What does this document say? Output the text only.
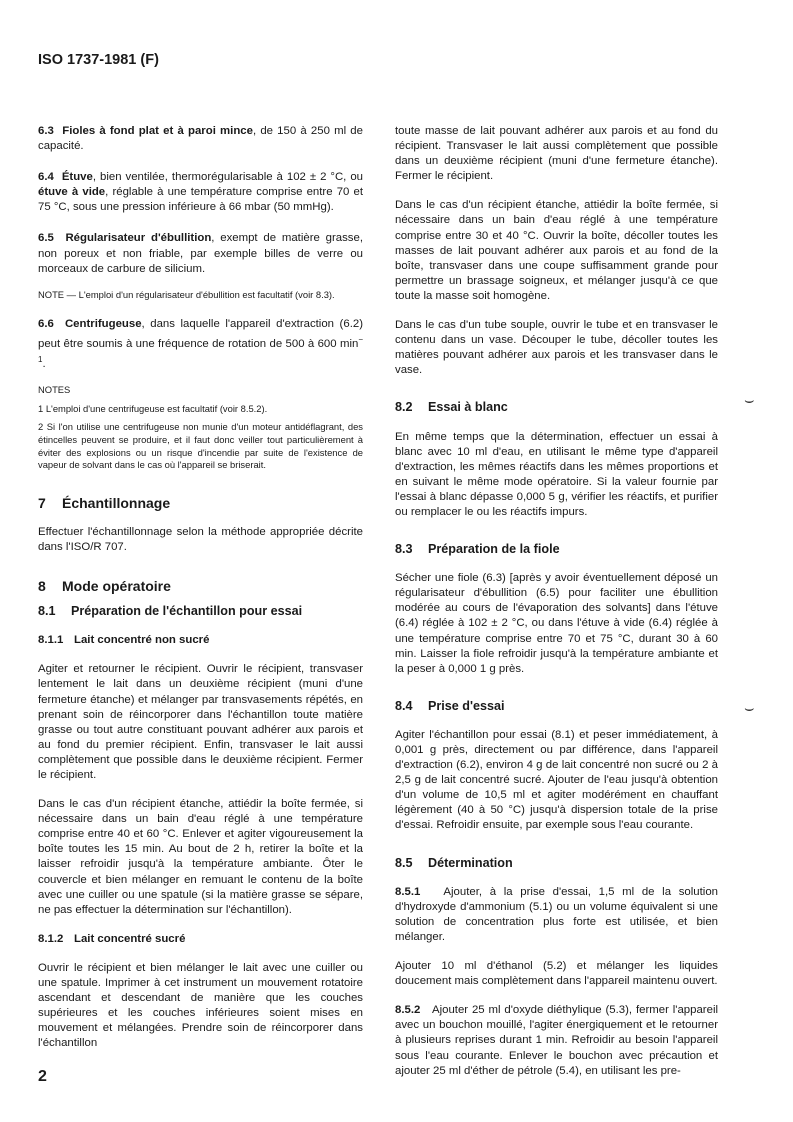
ISO 1737-1981 (F)

6.3 Fioles à fond plat et à paroi mince, de 150 à 250 ml de capacité.

6.4 Étuve, bien ventilée, thermorégularisable à 102 ± 2 °C, ou étuve à vide, réglable à une température comprise entre 70 et 75 °C, sous une pression inférieure à 66 mbar (50 mmHg).

6.5 Régularisateur d'ébullition, exempt de matière grasse, non poreux et non friable, par exemple billes de verre ou morceaux de carbure de silicium.

NOTE — L'emploi d'un régularisateur d'ébullition est facultatif (voir 8.3).

6.6 Centrifugeuse, dans laquelle l'appareil d'extraction (6.2) peut être soumis à une fréquence de rotation de 500 à 600 $\min^{- 1}$.

NOTES

1 L'emploi d'une centrifugeuse est facultatif (voir 8.5.2).

2 Si l'on utilise une centrifugeuse non munie d'un moteur antidéflagrant, des étincelles peuvent se produire, et il faut donc veiller tout particulièrement à éviter des explosions ou un risque d'incendie par suite de l'existence de vapeur de solvant dans le cas où l'appareil se briserait.

7 Échantillonnage

Effectuer l'échantillonnage selon la méthode appropriée décrite dans l'ISO/R 707.

8 Mode opératoire

8.1 Préparation de l'échantillon pour essai

8.1.1 Lait concentré non sucré

Agiter et retourner le récipient. Ouvrir le récipient, transvaser lentement le lait dans un deuxième récipient (muni d'une fermeture étanche) et mélanger par transvasements répétés, en prenant soin de réincorporer dans l'échantillon toute matière grasse ou tout autre constituant pouvant adhérer aux parois et au fond du premier récipient. Enfin, transvaser le lait aussi complètement que possible dans le deuxième récipient. Fermer le récipient.

Dans le cas d'un récipient étanche, attiédir la boîte fermée, si nécessaire dans un bain d'eau réglé à une température comprise entre 40 et 60 °C. Enlever et agiter vigoureusement la boîte toutes les 15 min. Au bout de 2 h, retirer la boîte et la laisser refroidir jusqu'à la température ambiante. Ôter le couvercle et bien mélanger en remuant le contenu de la boîte avec une cuiller ou une spatule (si la matière grasse se sépare, ne pas effectuer la détermination sur l'échantillon).

8.1.2 Lait concentré sucré

Ouvrir le récipient et bien mélanger le lait avec une cuiller ou une spatule. Imprimer à cet instrument un mouvement rotatoire ascendant et descendant de manière que les couches supérieures et les couches inférieures soient mises en mouvement et mélangées. Prendre soin de réincorporer dans l'échantillon

toute masse de lait pouvant adhérer aux parois et au fond du récipient. Transvaser le lait aussi complètement que possible dans un deuxième récipient (muni d'une fermeture étanche). Fermer le récipient.

Dans le cas d'un récipient étanche, attiédir la boîte fermée, si nécessaire dans un bain d'eau réglé à une température comprise entre 30 et 40 °C. Ouvrir la boîte, décoller toutes les masses de lait pouvant adhérer aux parois et au fond de la boîte, transvaser dans une coupe suffisamment grande pour permettre un brassage soigneux, et mélanger jusqu'à ce que toute la masse soit homogène.

Dans le cas d'un tube souple, ouvrir le tube et en transvaser le contenu dans un vase. Découper le tube, décoller toutes les matières pouvant adhérer aux parois et les transvaser dans le vase.

8.2 Essai à blanc

En même temps que la détermination, effectuer un essai à blanc avec 10 ml d'eau, en utilisant le même type d'appareil d'extraction, les mêmes réactifs dans les mêmes proportions et en suivant le même mode opératoire. Si la valeur fournie par l'essai à blanc dépasse 0,000 5 g, vérifier les réactifs, et purifier ou remplacer le ou les réactifs impurs.

8.3 Préparation de la fiole

Sécher une fiole (6.3) [après y avoir éventuellement déposé un régularisateur d'ébullition (6.5) pour faciliter une ébullition modérée au cours de l'évaporation des solvants] dans l'étuve (6.4) réglée à 102 ± 2 °C, ou dans l'étuve à vide (6.4) réglée à une température comprise entre 70 et 75 °C, durant 30 à 60 min. Laisser la fiole refroidir jusqu'à la température ambiante et la peser à 0,000 1 g près.

8.4 Prise d'essai

Agiter l'échantillon pour essai (8.1) et peser immédiatement, à 0,001 g près, directement ou par différence, dans l'appareil d'extraction (6.2), environ 4 g de lait concentré non sucré ou 2 à 2,5 g de lait concentré sucré. Ajouter de l'eau jusqu'à obtention d'un volume de 10,5 ml et agiter modérément en chauffant légèrement (40 à 50 °C) jusqu'à dispersion totale de la prise d'essai. Refroidir ensuite, par exemple sous l'eau courante.

8.5 Détermination

8.5.1 Ajouter, à la prise d'essai, 1,5 ml de la solution d'hydroxyde d'ammonium (5.1) ou un volume équivalent si une solution de concentration plus forte est utilisée, et bien mélanger.

Ajouter 10 ml d'éthanol (5.2) et mélanger les liquides doucement mais complètement dans l'appareil maintenu ouvert.

8.5.2 Ajouter 25 ml d'oxyde diéthylique (5.3), fermer l'appareil avec un bouchon mouillé, l'agiter énergiquement et le retourner à plusieurs reprises durant 1 min. Refroidir au besoin l'appareil sous l'eau courante. Enlever le bouchon avec précaution et ajouter 25 ml d'éther de pétrole (5.4), en utilisant les pre-

⌣
⌣
2
